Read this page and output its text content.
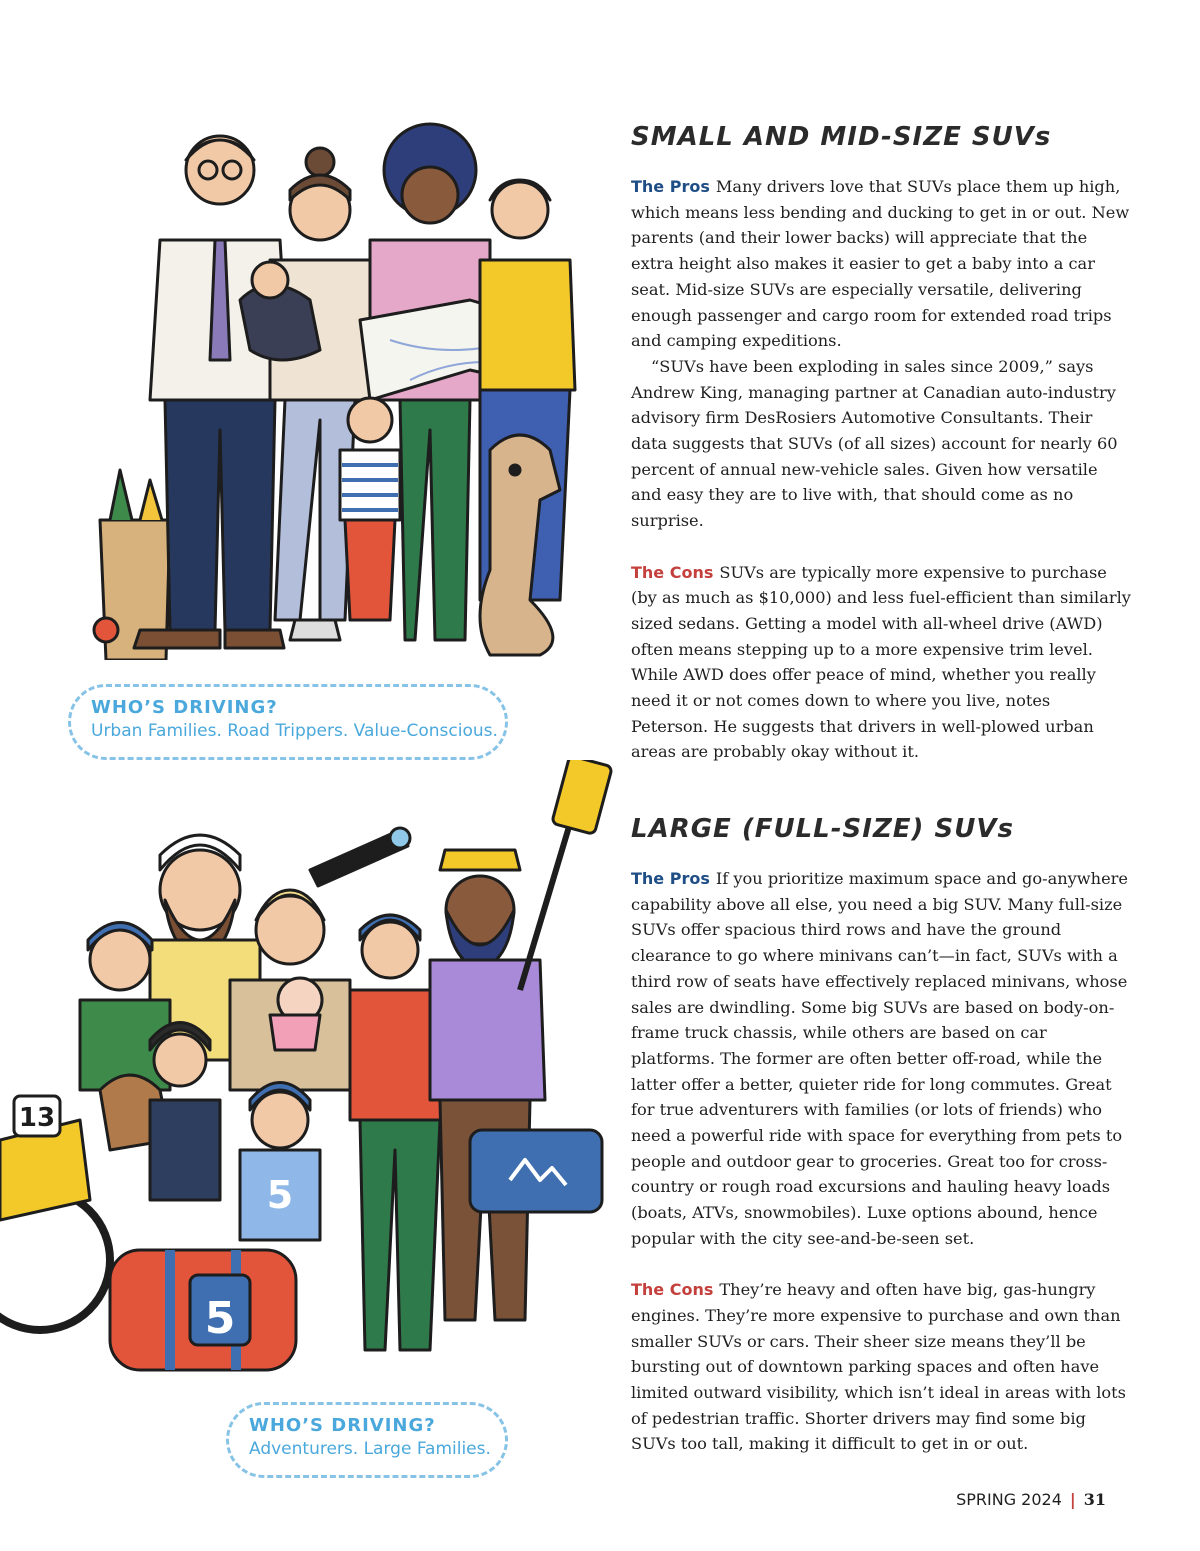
WHO’S DRIVING?
Urban Families. Road Trippers. Value-Conscious.
SMALL AND MID-SIZE SUVs

The Pros Many drivers love that SUVs place them up high, which means less bending and ducking to get in or out. New parents (and their lower backs) will appreciate that the extra height also makes it easier to get a baby into a car seat. Mid-size SUVs are especially versatile, delivering enough passenger and cargo room for extended road trips and camping expeditions.
“SUVs have been exploding in sales since 2009,” says Andrew King, managing partner at Canadian auto-industry advisory firm DesRosiers Automotive Consultants. Their data suggests that SUVs (of all sizes) account for nearly 60 percent of annual new-vehicle sales. Given how versatile and easy they are to live with, that should come as no surprise.

The Cons SUVs are typically more expensive to purchase (by as much as $10,000) and less fuel-efficient than similarly sized sedans. Getting a model with all-wheel drive (AWD) often means stepping up to a more expensive trim level. While AWD does offer peace of mind, whether you really need it or not comes down to where you live, notes Peterson. He suggests that drivers in well-plowed urban areas are probably okay without it.

13
5
5
WHO’S DRIVING?
Adventurers. Large Families.
LARGE (FULL-SIZE) SUVs

The Pros If you prioritize maximum space and go-anywhere capability above all else, you need a big SUV. Many full-size SUVs offer spacious third rows and have the ground clearance to go where minivans can’t—in fact, SUVs with a third row of seats have effectively replaced minivans, whose sales are dwindling. Some big SUVs are based on body-on-frame truck chassis, while others are based on car platforms. The former are often better off-road, while the latter offer a better, quieter ride for long commutes. Great for true adventurers with families (or lots of friends) who need a powerful ride with space for everything from pets to people and outdoor gear to groceries. Great too for cross-country or rough road excursions and hauling heavy loads (boats, ATVs, snowmobiles). Luxe options abound, hence popular with the city see-and-be-seen set.

The Cons They’re heavy and often have big, gas-hungry engines. They’re more expensive to purchase and own than smaller SUVs or cars. Their sheer size means they’ll be bursting out of downtown parking spaces and often have limited outward visibility, which isn’t ideal in areas with lots of pedestrian traffic. Shorter drivers may find some big SUVs too tall, making it difficult to get in or out.

SPRING 2024 | 31
